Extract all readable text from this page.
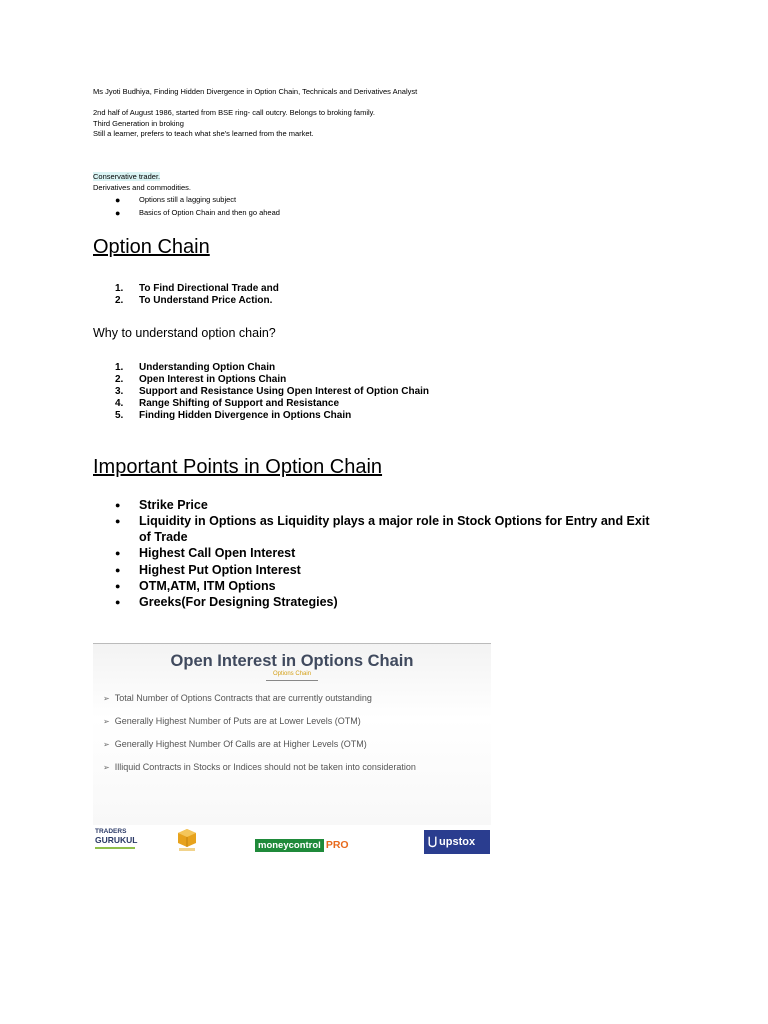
Ms Jyoti Budhiya, Finding Hidden Divergence in Option Chain, Technicals and Derivatives Analyst
2nd half of August 1986, started from BSE ring- call outcry. Belongs to broking family.
Third Generation in broking
Still a learner, prefers to teach what she's learned from the market.
Conservative trader.
Derivatives and commodities.
● Options still a lagging subject
● Basics of Option Chain and then go ahead
Option Chain
1. To Find Directional Trade and
2. To Understand Price Action.
Why to understand option chain?
1. Understanding Option Chain
2. Open Interest in Options Chain
3. Support and Resistance Using Open Interest of Option Chain
4. Range Shifting of Support and Resistance
5. Finding Hidden Divergence in Options Chain
Important Points in Option Chain
● Strike Price
● Liquidity in Options as Liquidity plays a major role in Stock Options for Entry and Exit of Trade
● Highest Call Open Interest
● Highest Put Option Interest
● OTM,ATM, ITM Options
● Greeks(For Designing Strategies)
Open Interest in Options Chain
Options Chain
➢ Total Number of Options Contracts that are currently outstanding
➢ Generally Highest Number of Puts are at Lower Levels (OTM)
➢ Generally Highest Number Of Calls are at Higher Levels (OTM)
➢ Illiquid Contracts in Stocks or Indices should not be taken into consideration
TRADERS
GURUKUL	moneycontrol PRO	⋃ upstox
